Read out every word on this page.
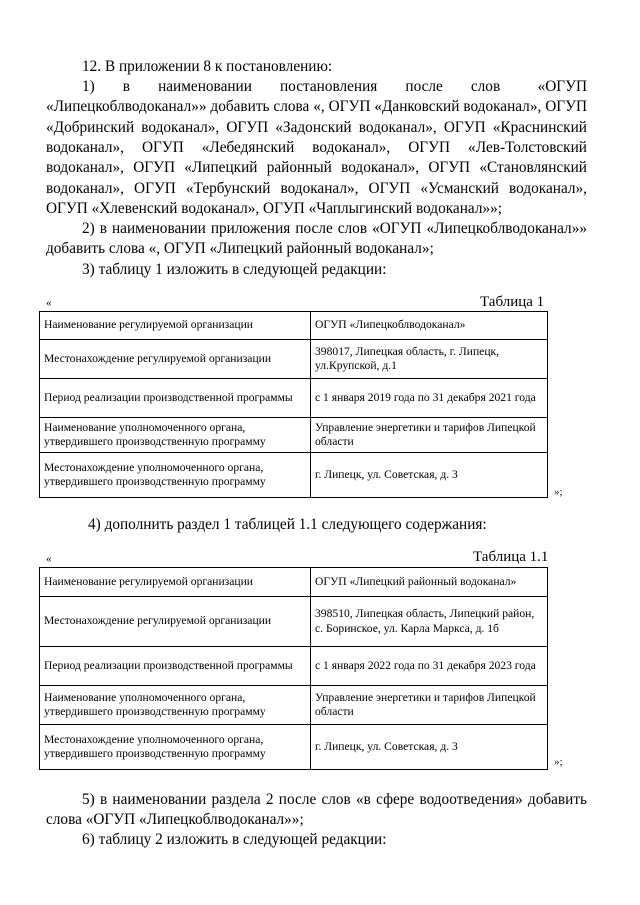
12. В приложении 8 к постановлению:
1)   в   наименовании   постановления   после   слов    «ОГУП
«Липецкоблводоканал»» добавить слова «, ОГУП «Данковский водоканал», ОГУП
«Добринский водоканал», ОГУП «Задонский водоканал», ОГУП «Краснинский
водоканал», ОГУП «Лебедянский водоканал», ОГУП «Лев-Толстовский
водоканал», ОГУП «Липецкий районный водоканал», ОГУП «Становлянский
водоканал», ОГУП «Тербунский водоканал», ОГУП «Усманский водоканал»,
ОГУП «Хлевенский водоканал», ОГУП «Чаплыгинский водоканал»»;
2) в наименовании приложения после слов «ОГУП «Липецкоблводоканал»»
добавить слова «, ОГУП «Липецкий районный водоканал»;
3) таблицу 1 изложить в следующей редакции:
«	Таблица 1
Наименование регулируемой организации	ОГУП «Липецкоблводоканал»
Местонахождение регулируемой организации	398017, Липецкая область, г. Липецк, ул.Крупской, д.1
Период реализации производственной программы	с 1 января 2019 года по 31 декабря 2021 года
Наименование уполномоченного органа, утвердившего производственную программу	Управление энергетики и тарифов Липецкой области
Местонахождение уполномоченного органа, утвердившего производственную программу	г. Липецк, ул. Советская, д. 3
»;
4) дополнить раздел 1 таблицей 1.1 следующего содержания:
«	Таблица 1.1
Наименование регулируемой организации	ОГУП «Липецкий районный водоканал»
Местонахождение регулируемой организации	398510, Липецкая область, Липецкий район, с. Боринское, ул. Карла Маркса, д. 1б
Период реализации производственной программы	с 1 января 2022 года по 31 декабря 2023 года
Наименование уполномоченного органа, утвердившего производственную программу	Управление энергетики и тарифов Липецкой области
Местонахождение уполномоченного органа, утвердившего производственную программу	г. Липецк, ул. Советская, д. 3
»;
5) в наименовании раздела 2 после слов «в сфере водоотведения» добавить
слова «ОГУП «Липецкоблводоканал»»;
6) таблицу 2 изложить в следующей редакции:
